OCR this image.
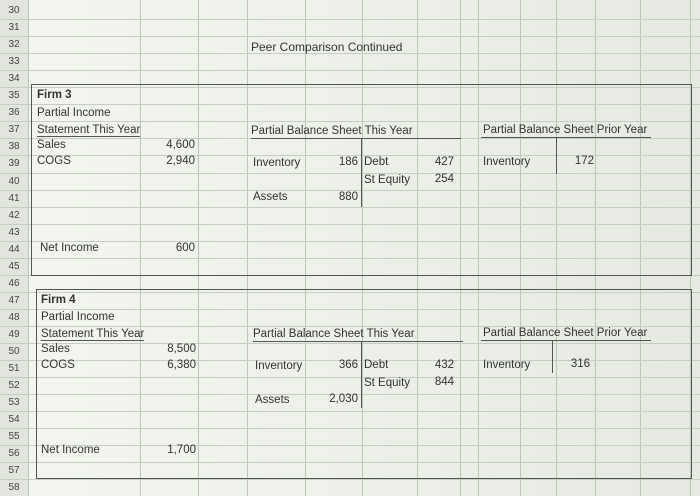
30
31
32
33
34
35
36
37
38
39
40
41
42
43
44
45
46
47
48
49
50
51
52
53
54
55
56
57
58
Peer Comparison Continued
Firm 3
Partial Income
Statement This Year
Sales	4,600
COGS	2,940
Net Income	600
Partial Balance Sheet This Year
Inventory	186 Debt	427
St Equity	254
Assets	880
Partial Balance Sheet Prior Year
Inventory	172
Firm 4
Partial Income
Statement This Year
Sales	8,500
COGS	6,380
Net Income	1,700
Partial Balance Sheet This Year
Inventory	366 Debt	432
St Equity	844
Assets	2,030
Partial Balance Sheet Prior Year
Inventory	316
